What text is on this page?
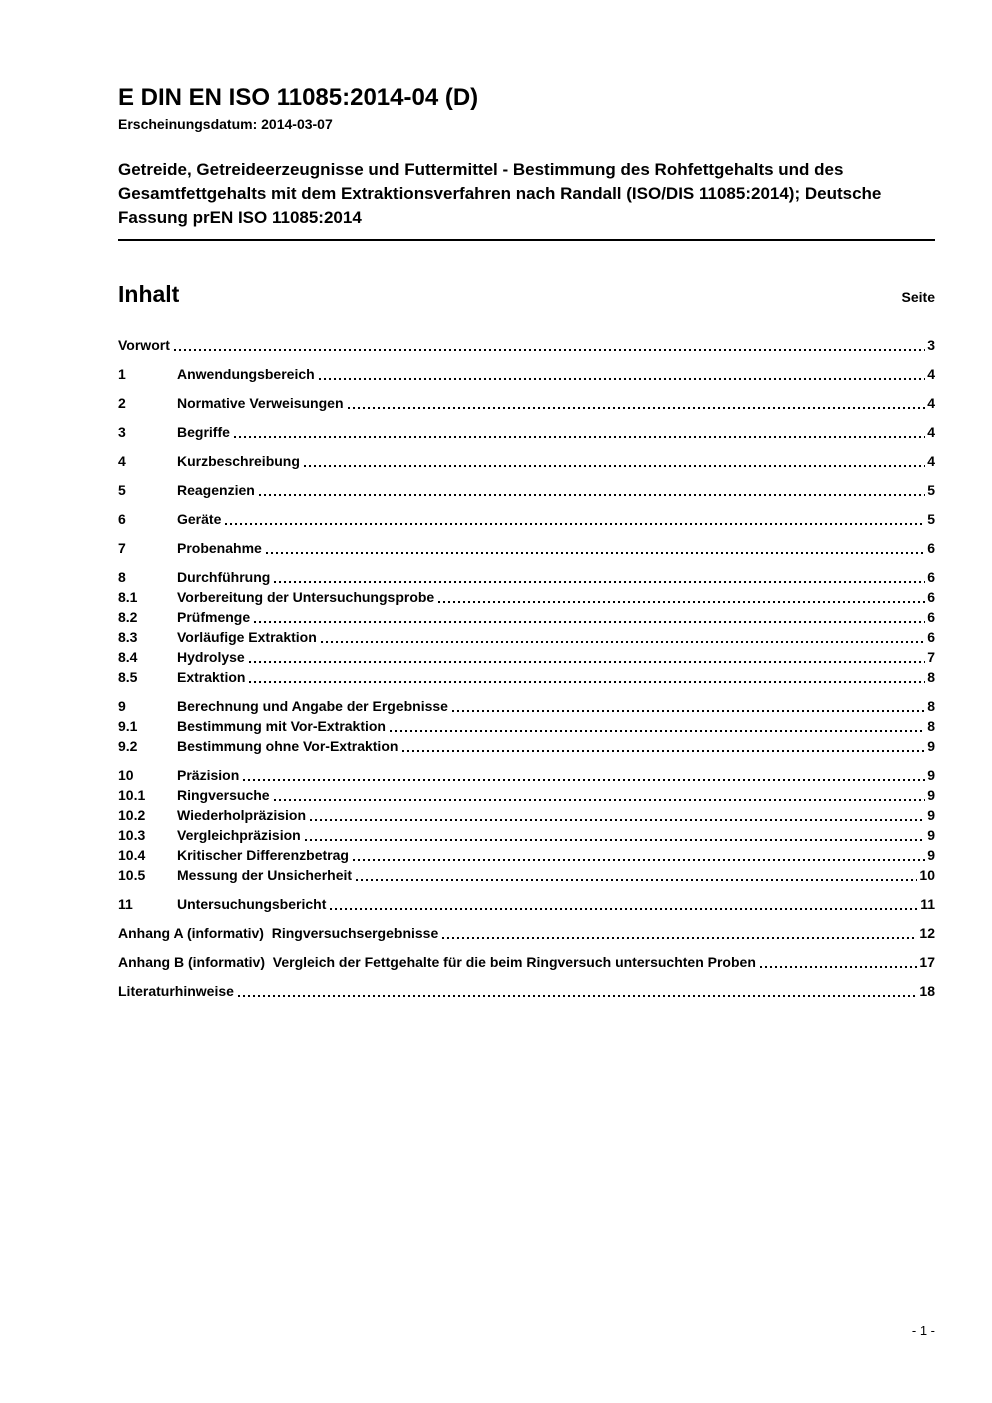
E DIN EN ISO 11085:2014-04 (D)
Erscheinungsdatum: 2014-03-07

Getreide, Getreideerzeugnisse und Futtermittel - Bestimmung des Rohfettgehalts und des Gesamtfettgehalts mit dem Extraktionsverfahren nach Randall (ISO/DIS 11085:2014); Deutsche Fassung prEN ISO 11085:2014

Inhalt	Seite
Vorwort	3
1	Anwendungsbereich	4
2	Normative Verweisungen	4
3	Begriffe	4
4	Kurzbeschreibung	4
5	Reagenzien	5
6	Geräte	5
7	Probenahme	6
8	Durchführung	6
8.1	Vorbereitung der Untersuchungsprobe	6
8.2	Prüfmenge	6
8.3	Vorläufige Extraktion	6
8.4	Hydrolyse	7
8.5	Extraktion	8
9	Berechnung und Angabe der Ergebnisse	8
9.1	Bestimmung mit Vor-Extraktion	8
9.2	Bestimmung ohne Vor-Extraktion	9
10	Präzision	9
10.1	Ringversuche	9
10.2	Wiederholpräzision	9
10.3	Vergleichpräzision	9
10.4	Kritischer Differenzbetrag	9
10.5	Messung der Unsicherheit	10
11	Untersuchungsbericht	11
Anhang A (informativ)  Ringversuchsergebnisse	12
Anhang B (informativ)  Vergleich der Fettgehalte für die beim Ringversuch untersuchten Proben	17
Literaturhinweise	18
- 1 -
